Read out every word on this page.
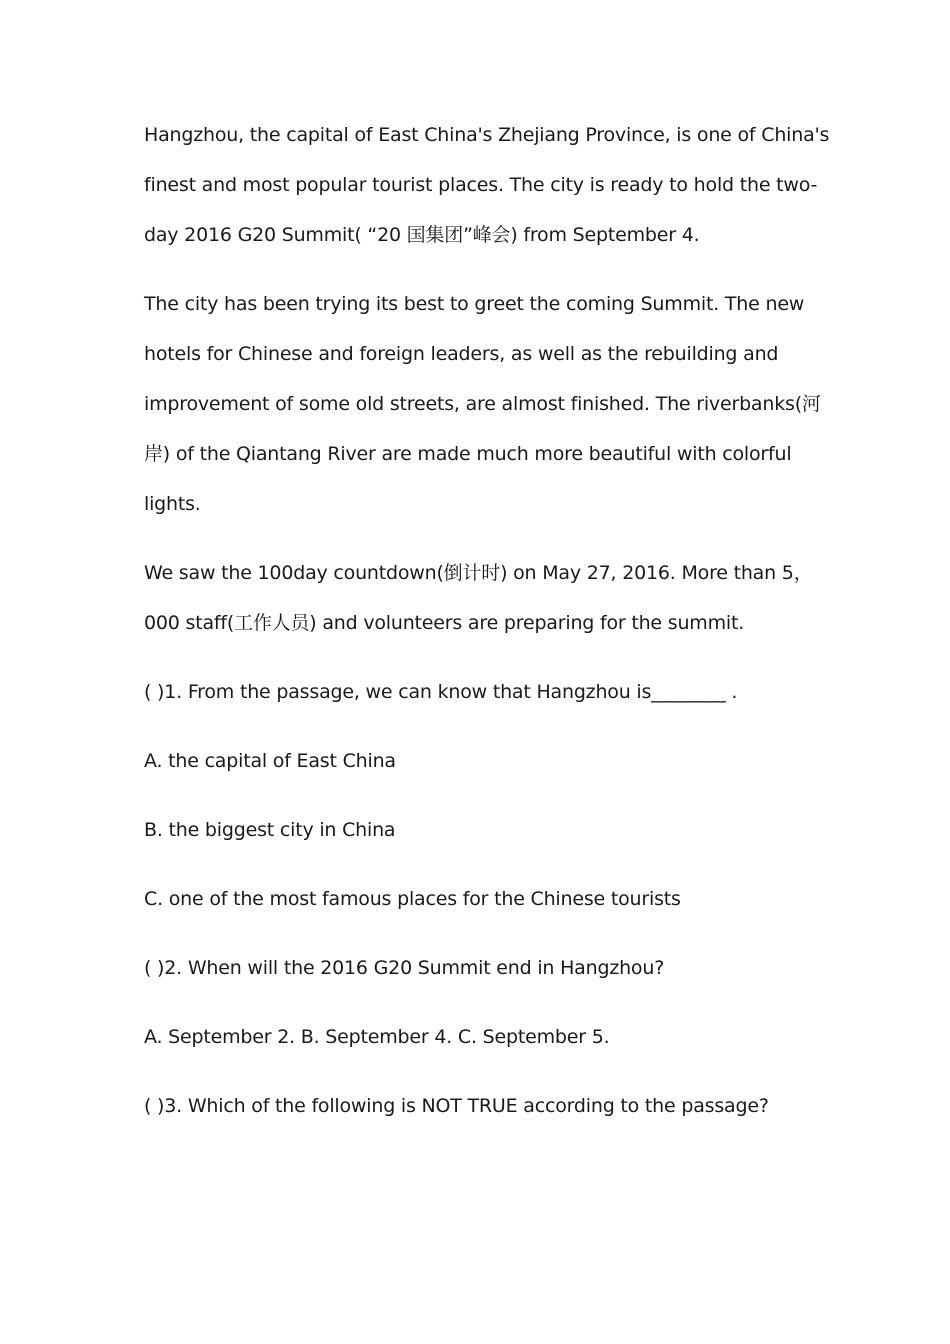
Hangzhou, the capital of East China's Zhejiang Province, is one of China's
finest and most popular tourist places. The city is ready to hold the two-
day 2016 G20 Summit( “20 国集团”峰会) from September 4.
The city has been trying its best to greet the coming Summit. The new
hotels for Chinese and foreign leaders, as well as the rebuilding and
improvement of some old streets, are almost finished. The riverbanks(河
岸) of the Qiantang River are made much more beautiful with colorful
lights.
We saw the 100day countdown(倒计时) on May 27, 2016. More than 5，
000 staff(工作人员) and volunteers are preparing for the summit.
( )1. From the passage, we can know that Hangzhou is________ .
A. the capital of East China
B. the biggest city in China
C. one of the most famous places for the Chinese tourists
( )2. When will the 2016 G20 Summit end in Hangzhou?
A. September 2. B. September 4. C. September 5.
( )3. Which of the following is NOT TRUE according to the passage?
